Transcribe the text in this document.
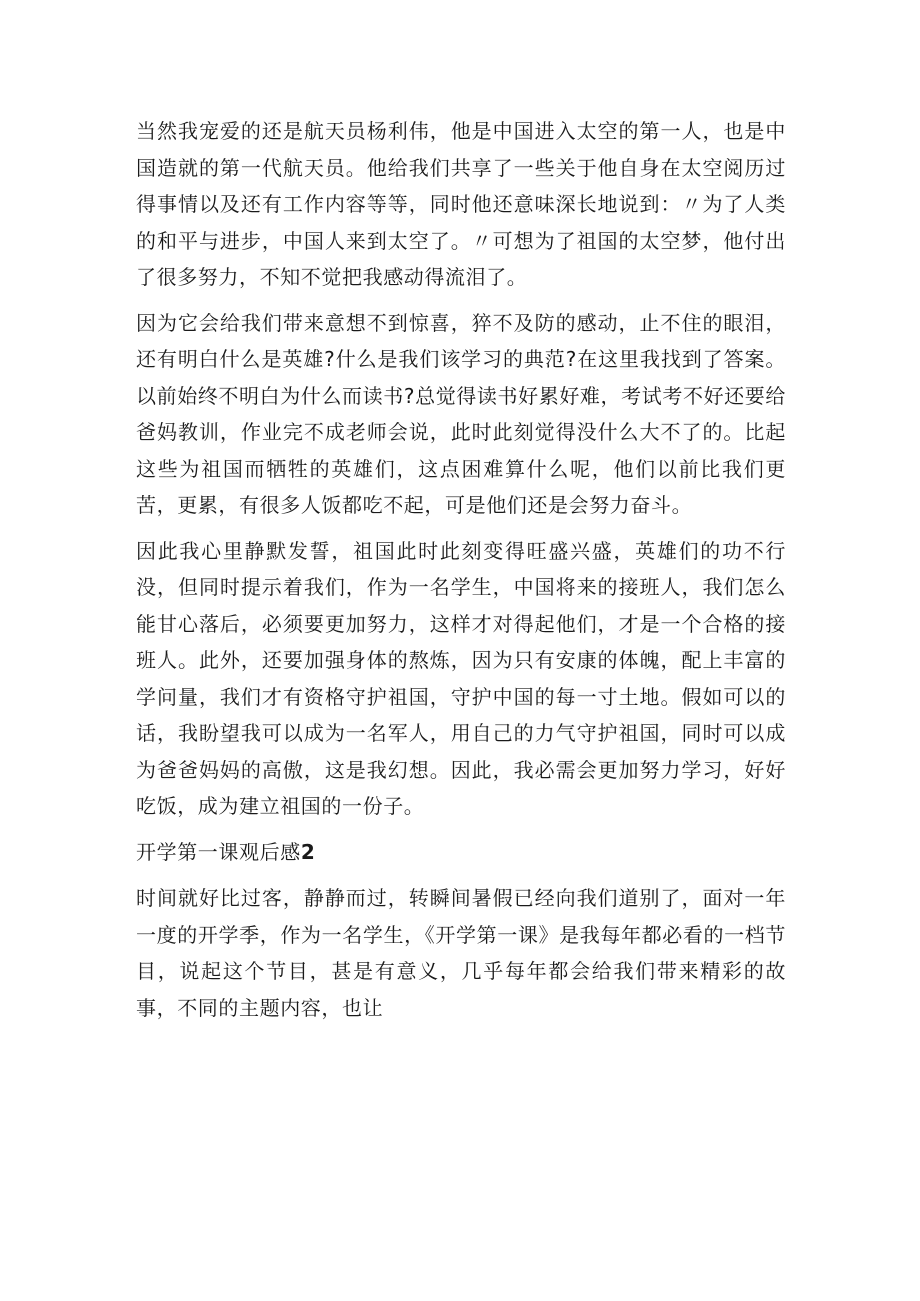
当然我宠爱的还是航天员杨利伟，他是中国进入太空的第一人，也是中国造就的第一代航天员。他给我们共享了一些关于他自身在太空阅历过得事情以及还有工作内容等等，同时他还意味深长地说到：〃为了人类的和平与进步，中国人来到太空了。〃可想为了祖国的太空梦，他付出了很多努力，不知不觉把我感动得流泪了。

因为它会给我们带来意想不到惊喜，猝不及防的感动，止不住的眼泪，还有明白什么是英雄?什么是我们该学习的典范?在这里我找到了答案。以前始终不明白为什么而读书?总觉得读书好累好难，考试考不好还要给爸妈教训，作业完不成老师会说，此时此刻觉得没什么大不了的。比起这些为祖国而牺牲的英雄们，这点困难算什么呢，他们以前比我们更苦，更累，有很多人饭都吃不起，可是他们还是会努力奋斗。

因此我心里静默发誓，祖国此时此刻变得旺盛兴盛，英雄们的功不行没，但同时提示着我们，作为一名学生，中国将来的接班人，我们怎么能甘心落后，必须要更加努力，这样才对得起他们，才是一个合格的接班人。此外，还要加强身体的熬炼，因为只有安康的体魄，配上丰富的学问量，我们才有资格守护祖国，守护中国的每一寸土地。假如可以的话，我盼望我可以成为一名军人，用自己的力气守护祖国，同时可以成为爸爸妈妈的高傲，这是我幻想。因此，我必需会更加努力学习，好好吃饭，成为建立祖国的一份子。

开学第一课观后感2

时间就好比过客，静静而过，转瞬间暑假已经向我们道别了，面对一年一度的开学季，作为一名学生，《开学第一课》是我每年都必看的一档节目，说起这个节目，甚是有意义，几乎每年都会给我们带来精彩的故事，不同的主题内容，也让
